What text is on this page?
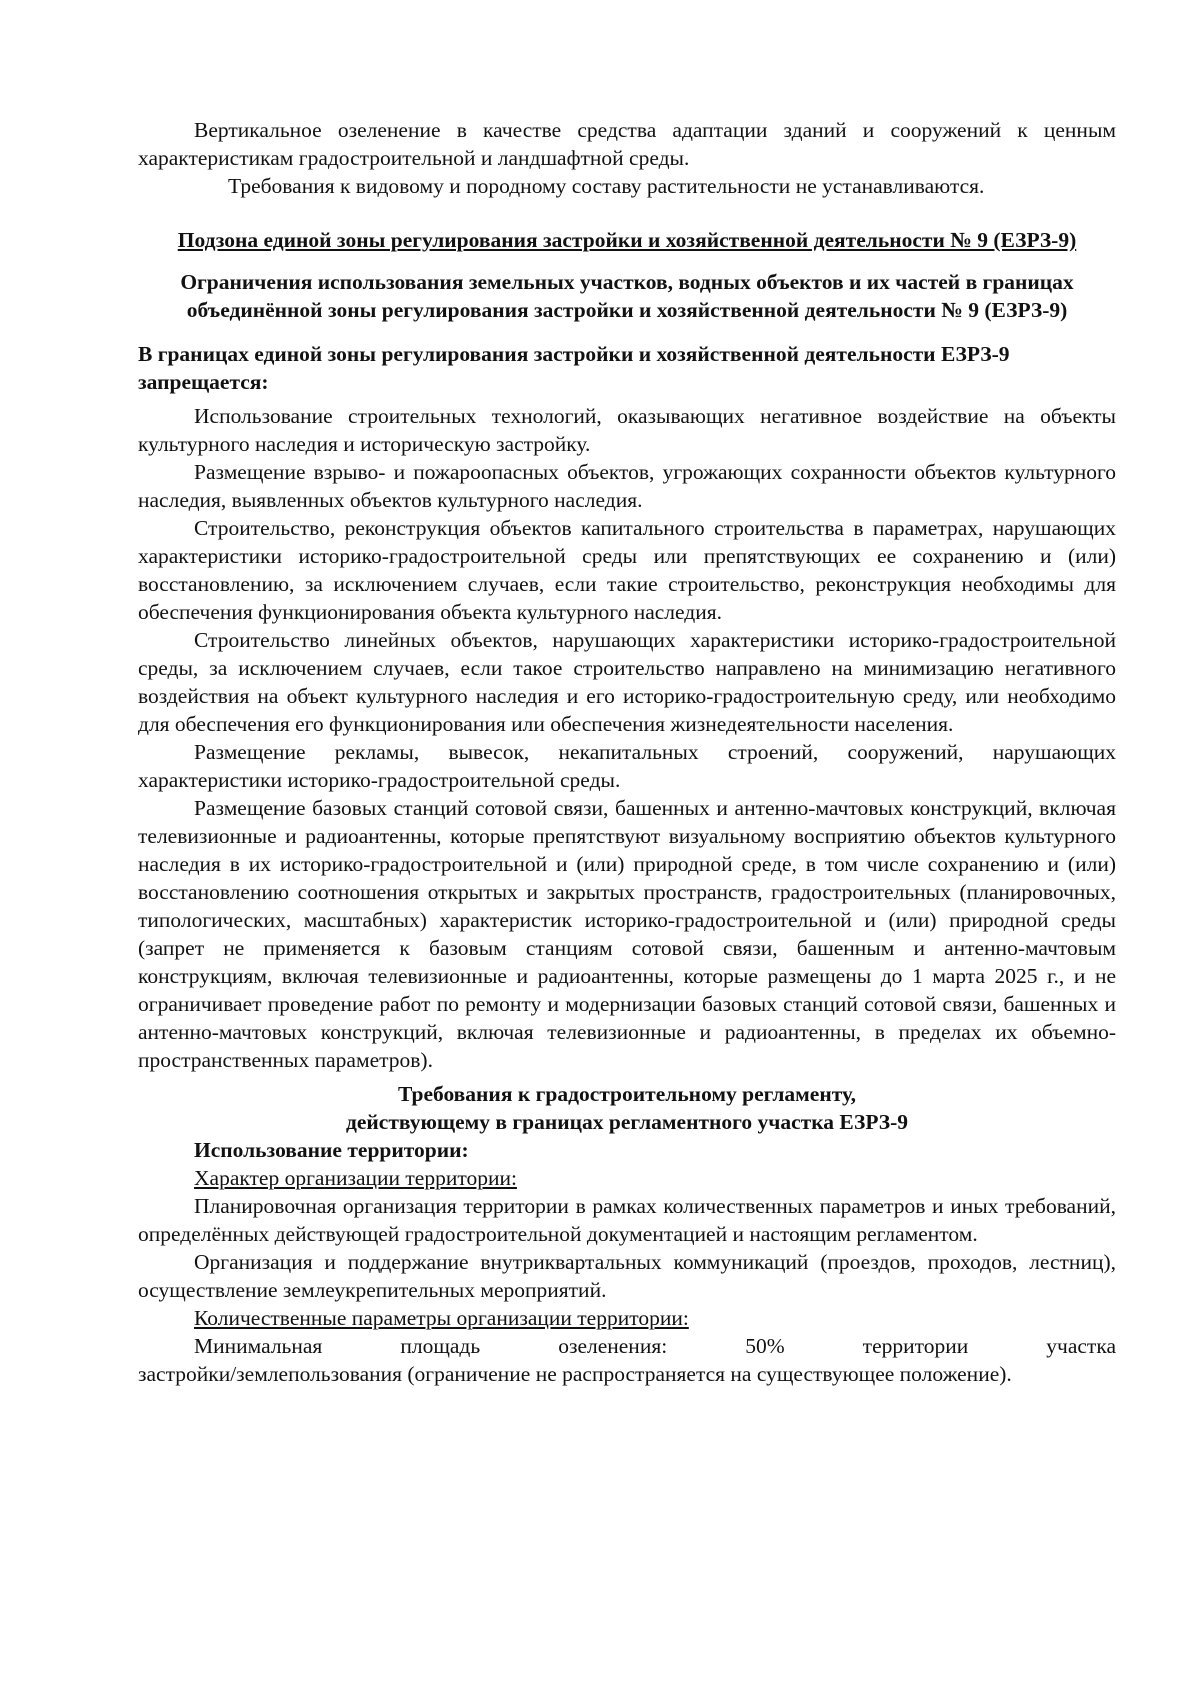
Вертикальное озеленение в качестве средства адаптации зданий и сооружений к ценным характеристикам градостроительной и ландшафтной среды.

Требования к видовому и породному составу растительности не устанавливаются.

Подзона единой зоны регулирования застройки и хозяйственной деятельности № 9 (ЕЗРЗ-9)

Ограничения использования земельных участков, водных объектов и их частей в границах объединённой зоны регулирования застройки и хозяйственной деятельности № 9 (ЕЗРЗ-9)

В границах единой зоны регулирования застройки и хозяйственной деятельности ЕЗРЗ-9 запрещается:

Использование строительных технологий, оказывающих негативное воздействие на объекты культурного наследия и историческую застройку.

Размещение взрыво- и пожароопасных объектов, угрожающих сохранности объектов культурного наследия, выявленных объектов культурного наследия.

Строительство, реконструкция объектов капитального строительства в параметрах, нарушающих характеристики историко-градостроительной среды или препятствующих ее сохранению и (или) восстановлению, за исключением случаев, если такие строительство, реконструкция необходимы для обеспечения функционирования объекта культурного наследия.

Строительство линейных объектов, нарушающих характеристики историко-градостроительной среды, за исключением случаев, если такое строительство направлено на минимизацию негативного воздействия на объект культурного наследия и его историко-градостроительную среду, или необходимо для обеспечения его функционирования или обеспечения жизнедеятельности населения.

Размещение рекламы, вывесок, некапитальных строений, сооружений, нарушающих характеристики историко-градостроительной среды.

Размещение базовых станций сотовой связи, башенных и антенно-мачтовых конструкций, включая телевизионные и радиоантенны, которые препятствуют визуальному восприятию объектов культурного наследия в их историко-градостроительной и (или) природной среде, в том числе сохранению и (или) восстановлению соотношения открытых и закрытых пространств, градостроительных (планировочных, типологических, масштабных) характеристик историко-градостроительной и (или) природной среды (запрет не применяется к базовым станциям сотовой связи, башенным и антенно-мачтовым конструкциям, включая телевизионные и радиоантенны, которые размещены до 1 марта 2025 г., и не ограничивает проведение работ по ремонту и модернизации базовых станций сотовой связи, башенных и антенно-мачтовых конструкций, включая телевизионные и радиоантенны, в пределах их объемно-пространственных параметров).

Требования к градостроительному регламенту,

действующему в границах регламентного участка ЕЗРЗ-9

Использование территории:

Характер организации территории:

Планировочная организация территории в рамках количественных параметров и иных требований, определённых действующей градостроительной документацией и настоящим регламентом.

Организация и поддержание внутриквартальных коммуникаций (проездов, проходов, лестниц), осуществление землеукрепительных мероприятий.

Количественные параметры организации территории:

Минимальная площадь озеленения: 50% территории участка

застройки/землепользования (ограничение не распространяется на существующее положение).
